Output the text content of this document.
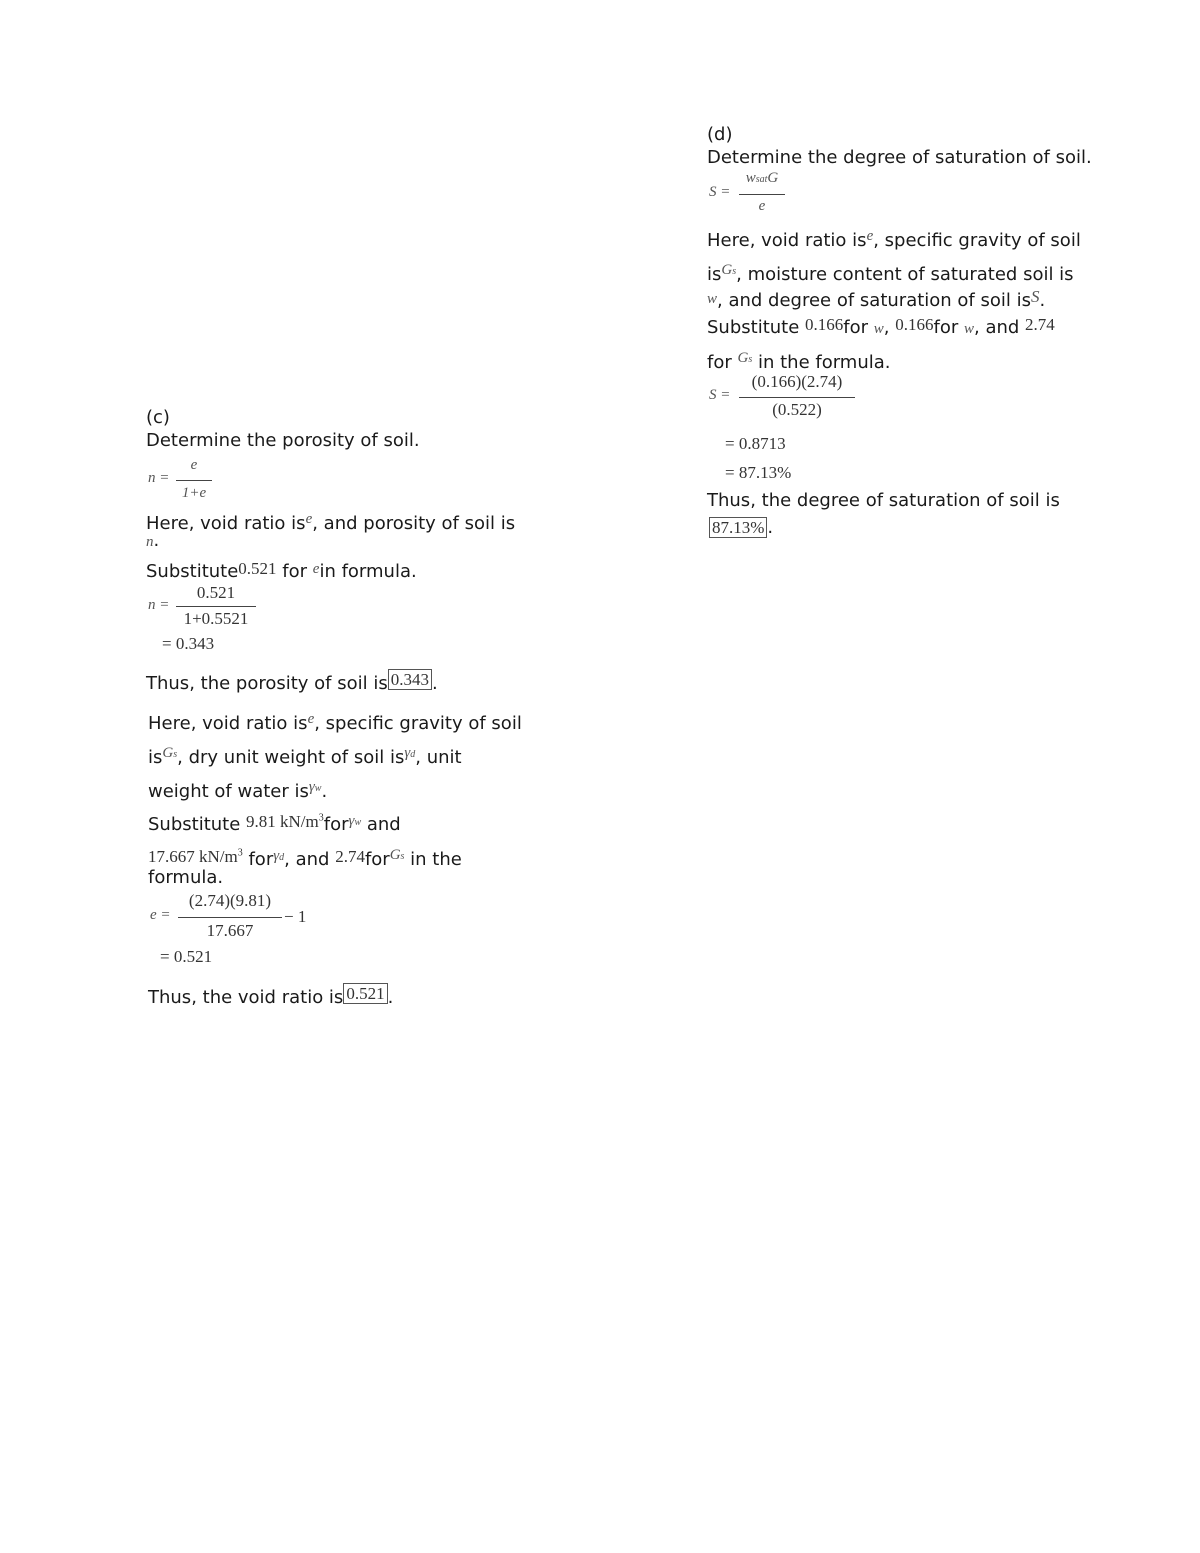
(c)
Determine the porosity of soil.
n =
e
1+e
Here, void ratio $is^e$, and porosity of soil is
n.
Substitute0.521 for $^e$in formula.
n =
0.521
1+0.5521
= 0.343
Thus, the porosity of soil is 0.343 .
Here, void ratio $is^e$, specific gravity of soil
$is^{Gs}$, dry unit weight of soil $is^{\gamma d}$, unit
weight of water $is^{\gamma w}$.
Substitute 9.81 $kN/m^3for^{\gamma w}$ and
17.667 $kN/m^3$ for$^{\gamma d}$, and 2.74for$^{Gs}$ in the
formula.
e =
(2.74)(9.81)
17.667
− 1
= 0.521
Thus, the void ratio is 0.521 .
(d)
Determine the degree of saturation of soil.
S =
wsatG
e
Here, void ratio $is^e$, specific gravity of soil
$is^{Gs}$, moisture content of saturated soil is
w, and degree of saturation of soil isS.
Substitute 0.166for w, 0.166for w, and 2.74
for $^{Gs}$ in the formula.
S =
(0.166)(2.74)
(0.522)
= 0.8713
= 87.13%
Thus, the degree of saturation of soil is
87.13% .
